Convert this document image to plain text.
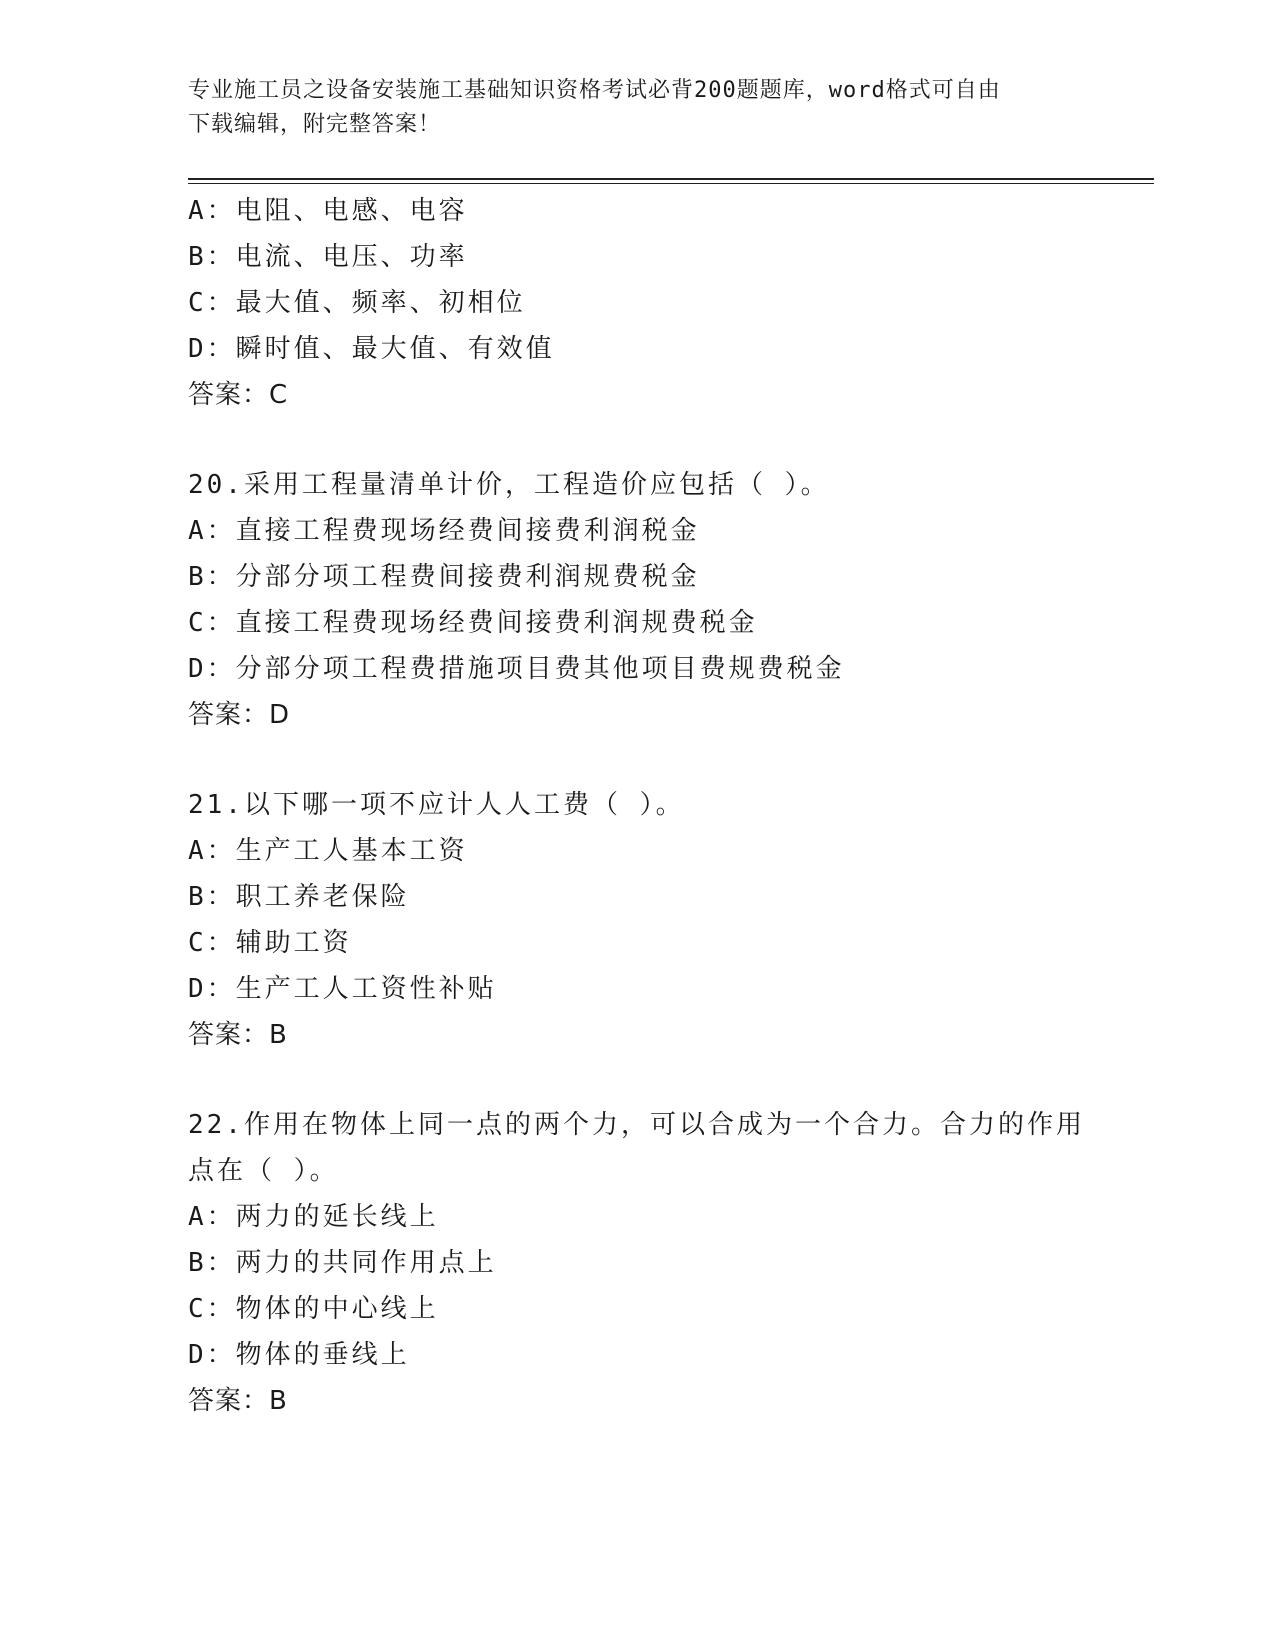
专业施工员之设备安装施工基础知识资格考试必背200题题库，word格式可自由
下载编辑，附完整答案！
A：电阻、电感、电容
B：电流、电压、功率
C：最大值、频率、初相位
D：瞬时值、最大值、有效值
答案：C
20.采用工程量清单计价，工程造价应包括（ ）。
A：直接工程费现场经费间接费利润税金
B：分部分项工程费间接费利润规费税金
C：直接工程费现场经费间接费利润规费税金
D：分部分项工程费措施项目费其他项目费规费税金
答案：D
21.以下哪一项不应计人人工费（ ）。
A：生产工人基本工资
B：职工养老保险
C：辅助工资
D：生产工人工资性补贴
答案：B
22.作用在物体上同一点的两个力，可以合成为一个合力。合力的作用
点在（ ）。
A：两力的延长线上
B：两力的共同作用点上
C：物体的中心线上
D：物体的垂线上
答案：B
